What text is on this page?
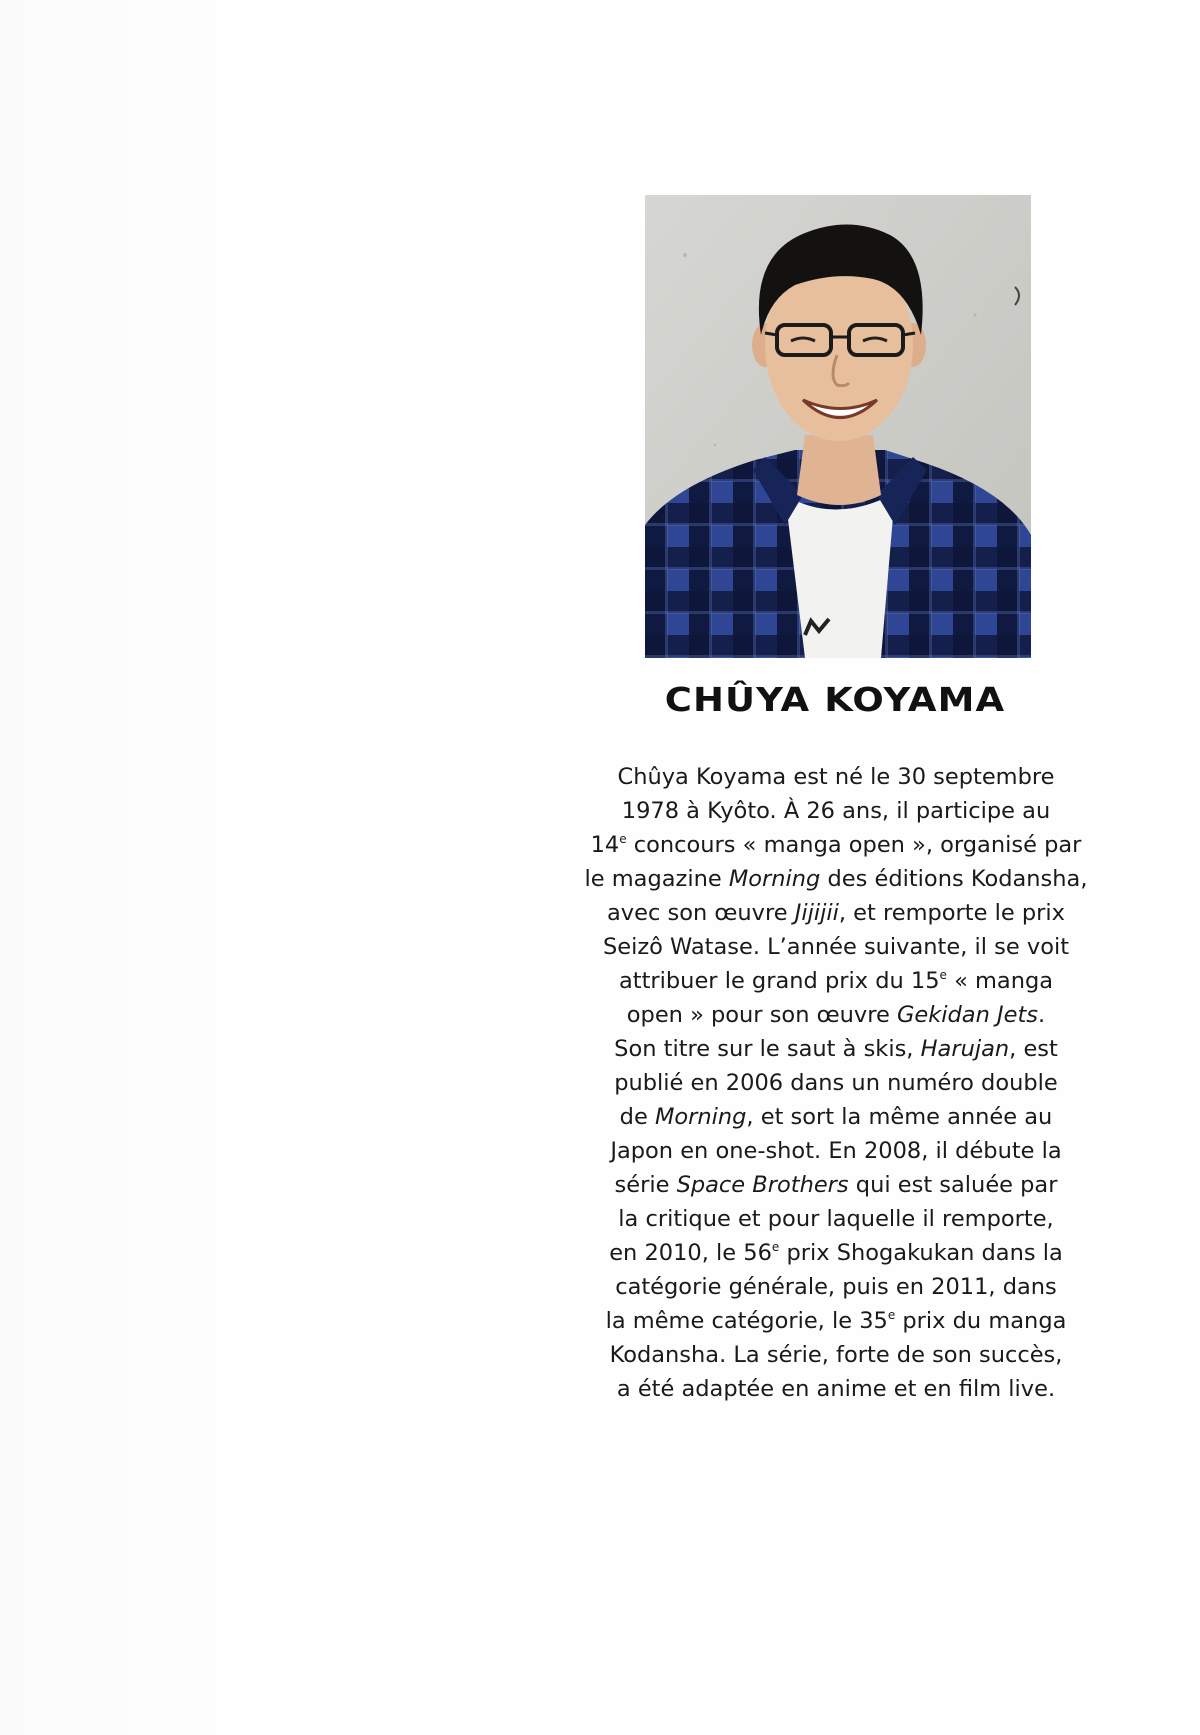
CHÛYA KOYAMA
Chûya Koyama est né le 30 septembre
1978 à Kyôto. À 26 ans, il participe au
14e concours « manga open », organisé par
le magazine Morning des éditions Kodansha,
avec son œuvre Jijijii, et remporte le prix
Seizô Watase. L’année suivante, il se voit
attribuer le grand prix du 15e « manga
open » pour son œuvre Gekidan Jets.
Son titre sur le saut à skis, Harujan, est
publié en 2006 dans un numéro double
de Morning, et sort la même année au
Japon en one-shot. En 2008, il débute la
série Space Brothers qui est saluée par
la critique et pour laquelle il remporte,
en 2010, le 56e prix Shogakukan dans la
catégorie générale, puis en 2011, dans
la même catégorie, le 35e prix du manga
Kodansha. La série, forte de son succès,
a été adaptée en anime et en film live.
